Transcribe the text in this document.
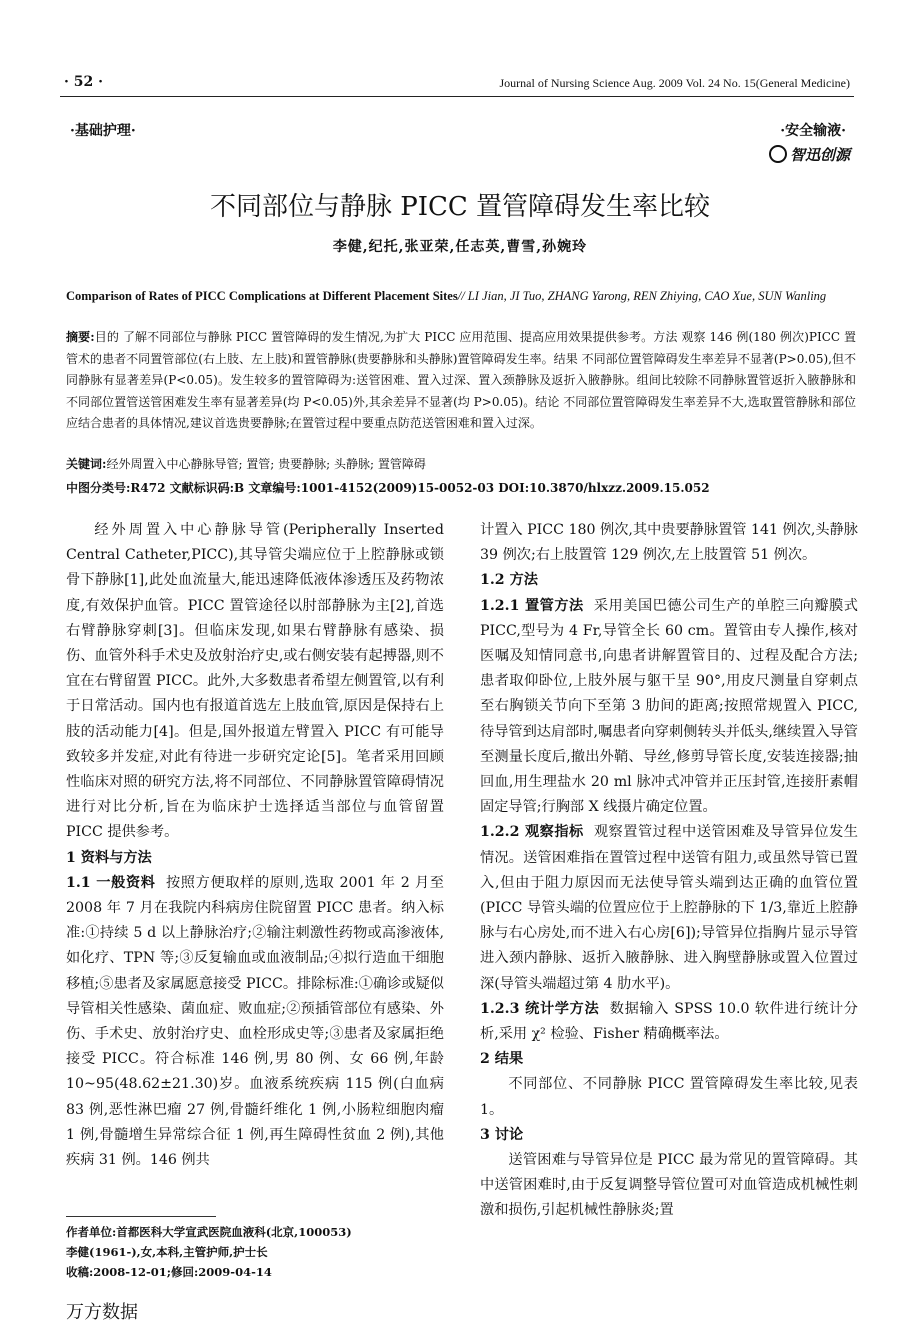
· 52 ·	Journal of Nursing Science Aug. 2009 Vol. 24 No. 15(General Medicine)
·基础护理·	·安全输液·
智迅创源
不同部位与静脉 PICC 置管障碍发生率比较
李健,纪托,张亚荣,任志英,曹雪,孙婉玲
Comparison of Rates of PICC Complications at Different Placement Sites// LI Jian, JI Tuo, ZHANG Yarong, REN Zhiying, CAO Xue, SUN Wanling
摘要:目的 了解不同部位与静脉 PICC 置管障碍的发生情况,为扩大 PICC 应用范围、提高应用效果提供参考。方法 观察 146 例(180 例次)PICC 置管术的患者不同置管部位(右上肢、左上肢)和置管静脉(贵要静脉和头静脉)置管障碍发生率。结果 不同部位置管障碍发生率差异不显著(P>0.05),但不同静脉有显著差异(P<0.05)。发生较多的置管障碍为:送管困难、置入过深、置入颈静脉及返折入腋静脉。组间比较除不同静脉置管返折入腋静脉和不同部位置管送管困难发生率有显著差异(均 P<0.05)外,其余差异不显著(均 P>0.05)。结论 不同部位置管障碍发生率差异不大,选取置管静脉和部位应结合患者的具体情况,建议首选贵要静脉;在置管过程中要重点防范送管困难和置入过深。
关键词:经外周置入中心静脉导管; 置管; 贵要静脉; 头静脉; 置管障碍
中图分类号:R472 文献标识码:B 文章编号:1001-4152(2009)15-0052-03 DOI:10.3870/hlxzz.2009.15.052

经外周置入中心静脉导管(Peripherally Inserted Central Catheter,PICC),其导管尖端应位于上腔静脉或锁骨下静脉[1],此处血流量大,能迅速降低液体渗透压及药物浓度,有效保护血管。PICC 置管途径以肘部静脉为主[2],首选右臂静脉穿刺[3]。但临床发现,如果右臂静脉有感染、损伤、血管外科手术史及放射治疗史,或右侧安装有起搏器,则不宜在右臂留置 PICC。此外,大多数患者希望左侧置管,以有利于日常活动。国内也有报道首选左上肢血管,原因是保持右上肢的活动能力[4]。但是,国外报道左臂置入 PICC 有可能导致较多并发症,对此有待进一步研究定论[5]。笔者采用回顾性临床对照的研究方法,将不同部位、不同静脉置管障碍情况进行对比分析,旨在为临床护士选择适当部位与血管留置 PICC 提供参考。

1 资料与方法

1.1 一般资料 按照方便取样的原则,选取 2001 年 2 月至 2008 年 7 月在我院内科病房住院留置 PICC 患者。纳入标准:①持续 5 d 以上静脉治疗;②输注刺激性药物或高渗液体,如化疗、TPN 等;③反复输血或血液制品;④拟行造血干细胞移植;⑤患者及家属愿意接受 PICC。排除标准:①确诊或疑似导管相关性感染、菌血症、败血症;②预插管部位有感染、外伤、手术史、放射治疗史、血栓形成史等;③患者及家属拒绝接受 PICC。符合标准 146 例,男 80 例、女 66 例,年龄 10~95(48.62±21.30)岁。血液系统疾病 115 例(白血病 83 例,恶性淋巴瘤 27 例,骨髓纤维化 1 例,小肠粒细胞肉瘤 1 例,骨髓增生异常综合征 1 例,再生障碍性贫血 2 例),其他疾病 31 例。146 例共

计置入 PICC 180 例次,其中贵要静脉置管 141 例次,头静脉 39 例次;右上肢置管 129 例次,左上肢置管 51 例次。

1.2 方法

1.2.1 置管方法 采用美国巴德公司生产的单腔三向瓣膜式 PICC,型号为 4 Fr,导管全长 60 cm。置管由专人操作,核对医嘱及知情同意书,向患者讲解置管目的、过程及配合方法;患者取仰卧位,上肢外展与躯干呈 90°,用皮尺测量自穿刺点至右胸锁关节向下至第 3 肋间的距离;按照常规置入 PICC,待导管到达肩部时,嘱患者向穿刺侧转头并低头,继续置入导管至测量长度后,撤出外鞘、导丝,修剪导管长度,安装连接器;抽回血,用生理盐水 20 ml 脉冲式冲管并正压封管,连接肝素帽固定导管;行胸部 X 线摄片确定位置。

1.2.2 观察指标 观察置管过程中送管困难及导管异位发生情况。送管困难指在置管过程中送管有阻力,或虽然导管已置入,但由于阻力原因而无法使导管头端到达正确的血管位置(PICC 导管头端的位置应位于上腔静脉的下 1/3,靠近上腔静脉与右心房处,而不进入右心房[6]);导管异位指胸片显示导管进入颈内静脉、返折入腋静脉、进入胸壁静脉或置入位置过深(导管头端超过第 4 肋水平)。

1.2.3 统计学方法 数据输入 SPSS 10.0 软件进行统计分析,采用 χ² 检验、Fisher 精确概率法。

2 结果

不同部位、不同静脉 PICC 置管障碍发生率比较,见表 1。

3 讨论

送管困难与导管异位是 PICC 最为常见的置管障碍。其中送管困难时,由于反复调整导管位置可对血管造成机械性刺激和损伤,引起机械性静脉炎;置

作者单位:首都医科大学宣武医院血液科(北京,100053)
李健(1961-),女,本科,主管护师,护士长
收稿:2008-12-01;修回:2009-04-14
万方数据
